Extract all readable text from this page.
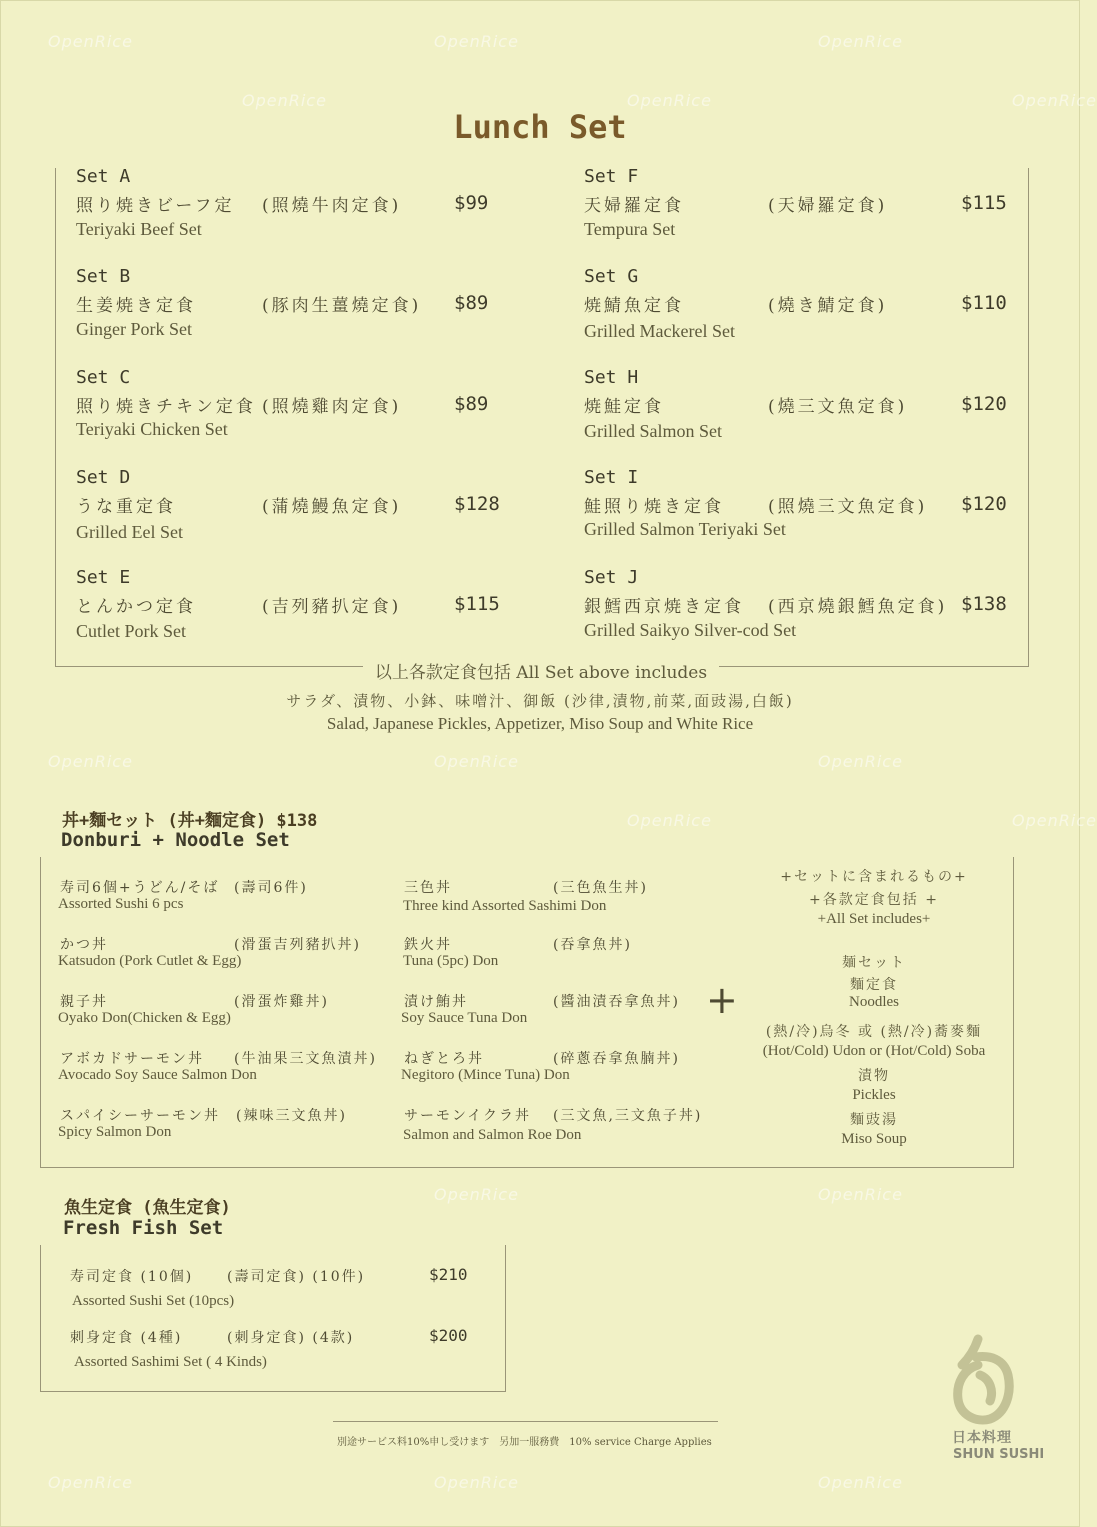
OpenRice	OpenRice	OpenRice
OpenRice	OpenRice	OpenRice
OpenRice	OpenRice	OpenRice
OpenRice	OpenRice
OpenRice	OpenRice
OpenRice	OpenRice	OpenRice
Lunch Set
Set A
照り焼きビーフ定 (照燒牛肉定食)	$99
Teriyaki Beef Set
Set B
生姜焼き定食	(豚肉生薑燒定食) $89
Ginger Pork Set
Set C
照り焼きチキン定食 (照燒雞肉定食)	$89
Teriyaki Chicken Set
Set D
うな重定食	(蒲燒鰻魚定食)	$128
Grilled Eel Set
Set E
とんかつ定食	(吉列豬扒定食)	$115
Cutlet Pork Set
Set F
天婦羅定食	(天婦羅定食)	$115
Tempura Set
Set G
焼鯖魚定食	(燒き鯖定食)	$110
Grilled Mackerel Set
Set H
焼鮭定食	(燒三文魚定食)	$120
Grilled Salmon Set
Set I
鮭照り焼き定食	(照燒三文魚定食) $120
Grilled Salmon Teriyaki Set
Set J
銀鱈西京焼き定食 (西京燒銀鱈魚定食) $138
Grilled Saikyo Silver-cod Set
以上各款定食包括 All Set above includes
サラダ、漬物、小鉢、味噌汁、御飯 (沙律,漬物,前菜,面豉湯,白飯)
Salad, Japanese Pickles, Appetizer, Miso Soup and White Rice
丼+麵セット (丼+麵定食) $138
Donburi + Noodle Set
寿司6個+うどん/そば (壽司6件)
Assorted Sushi 6 pcs
かつ丼	(滑蛋吉列豬扒丼)
Katsudon (Pork Cutlet & Egg)
親子丼	(滑蛋炸雞丼)
Oyako Don(Chicken & Egg)
アボカドサーモン丼 (牛油果三文魚漬丼)
Avocado Soy Sauce Salmon Don
スパイシーサーモン丼 (辣味三文魚丼)
Spicy Salmon Don
三色丼	(三色魚生丼)
Three kind Assorted Sashimi Don
鉄火丼	(吞拿魚丼)
Tuna (5pc) Don
漬け鮪丼	(醬油漬吞拿魚丼)
Soy Sauce Tuna Don
ねぎとろ丼	(碎蔥吞拿魚腩丼)
Negitoro (Mince Tuna) Don
サーモンイクラ丼 (三文魚,三文魚子丼)
Salmon and Salmon Roe Don
+
+セットに含まれるもの+
+各款定食包括 +
+All Set includes+
麺セット
麵定食
Noodles
(熱/冷)烏冬 或 (熱/冷)蕎麥麵
(Hot/Cold) Udon or (Hot/Cold) Soba
漬物
Pickles
麵豉湯
Miso Soup
魚生定食 (魚生定食)
Fresh Fish Set
寿司定食 (10個) (壽司定食) (10件)	$210
Assorted Sushi Set (10pcs)
刺身定食 (4種)	(刺身定食) (4款)	$200
Assorted Sashimi Set ( 4 Kinds)
別途サービス料10%申し受けます　另加一服務費　10% service Charge Applies	日本料理
SHUN SUSHI
